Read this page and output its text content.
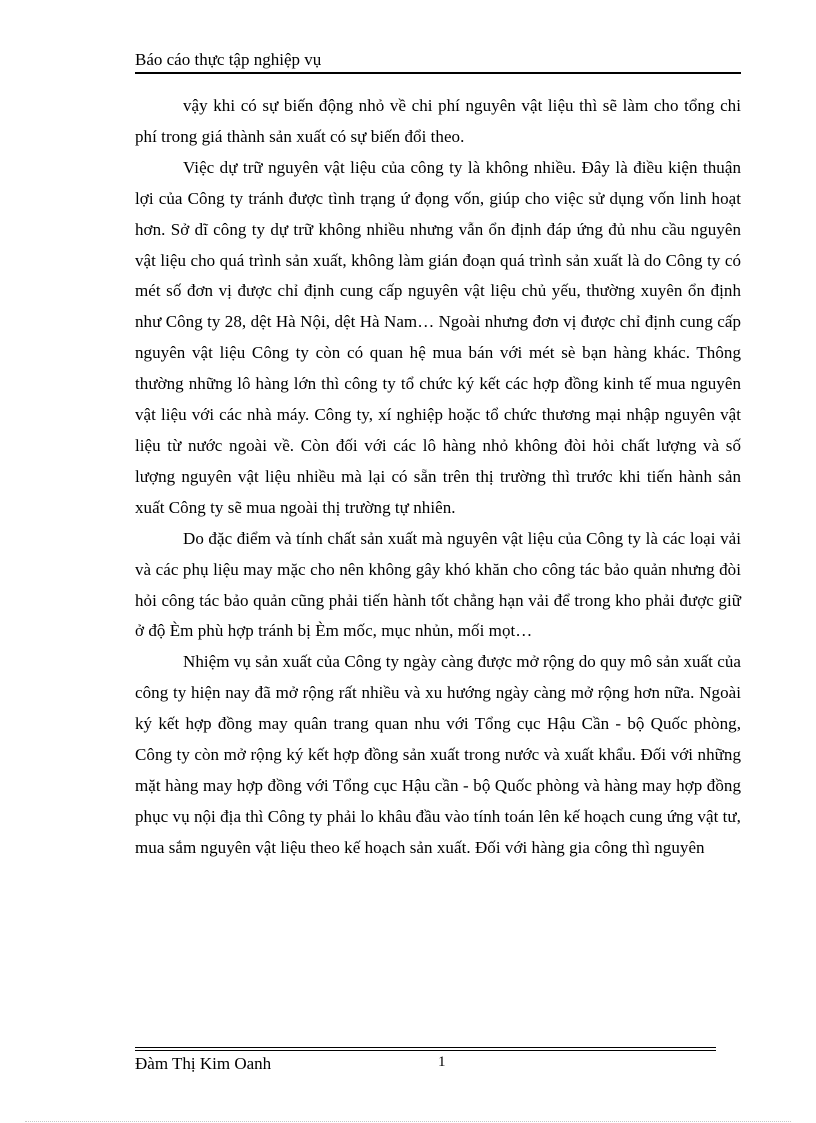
Báo cáo thực tập nghiệp vụ

vậy khi có sự biến động nhỏ về chi phí nguyên vật liệu thì sẽ làm cho tổng chi phí trong giá thành sản xuất có sự biến đổi theo.

Việc dự trữ nguyên vật liệu của công ty là không nhiều. Đây là điều kiện thuận lợi của Công ty tránh được tình trạng ứ đọng vốn, giúp cho việc sử dụng vốn linh hoạt hơn. Sở dĩ công ty dự trữ không nhiều nhưng vẫn ổn định đáp ứng đủ nhu cầu nguyên vật liệu cho quá trình sản xuất, không làm gián đoạn quá trình sản xuất là do Công ty có mét số đơn vị được chỉ định cung cấp nguyên vật liệu chủ yếu, thường xuyên ổn định như Công ty 28, dệt Hà Nội, dệt Hà Nam… Ngoài nhưng đơn vị được chỉ định cung cấp nguyên vật liệu Công ty còn có quan hệ mua bán với mét sè bạn hàng khác. Thông thường những lô hàng lớn thì công ty tổ chức ký kết các hợp đồng kinh tế mua nguyên vật liệu với các nhà máy. Công ty, xí nghiệp hoặc tổ chức thương mại nhập nguyên vật liệu từ nước ngoài về. Còn đối với các lô hàng nhỏ không đòi hỏi chất lượng và số lượng nguyên vật liệu nhiều mà lại có sẵn trên thị trường thì trước khi tiến hành sản xuất Công ty sẽ mua ngoài thị trường tự nhiên.

Do đặc điểm và tính chất sản xuất mà nguyên vật liệu của Công ty là các loại vải và các phụ liệu may mặc cho nên không gây khó khăn cho công tác bảo quản nhưng đòi hỏi công tác bảo quản cũng phải tiến hành tốt chẳng hạn vải để trong kho phải được giữ ở độ Èm phù hợp tránh bị Èm mốc, mục nhủn, mối mọt…

Nhiệm vụ sản xuất của Công ty ngày càng được mở rộng do quy mô sản xuất của công ty hiện nay đã mở rộng rất nhiều và xu hướng ngày càng mở rộng hơn nữa. Ngoài ký kết hợp đồng may quân trang quan nhu với Tổng cục Hậu Cần - bộ Quốc phòng, Công ty còn mở rộng ký kết hợp đồng sản xuất trong nước và xuất khẩu. Đối với những mặt hàng may hợp đồng với Tổng cục Hậu cần - bộ Quốc phòng và hàng may hợp đồng phục vụ nội địa thì Công ty phải lo khâu đầu vào tính toán lên kế hoạch cung ứng vật tư, mua sắm nguyên vật liệu theo kế hoạch sản xuất. Đối với hàng gia công thì nguyên

Đàm Thị Kim Oanh	1
